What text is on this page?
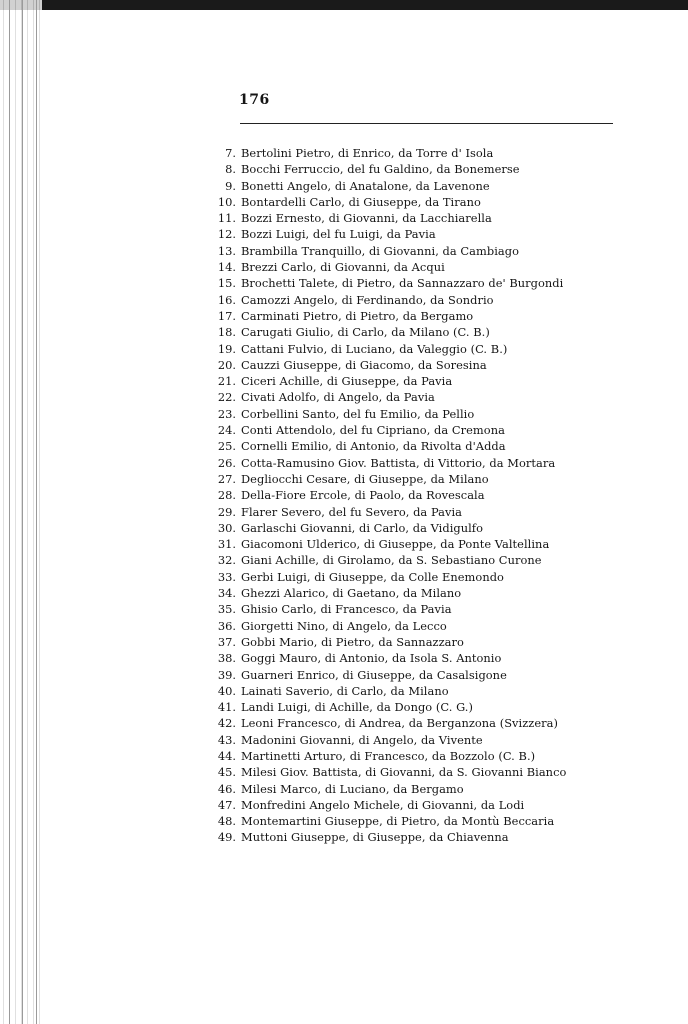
176
7. Bertolini Pietro, di Enrico, da Torre d' Isola
8. Bocchi Ferruccio, del fu Galdino, da Bonemerse
9. Bonetti Angelo, di Anatalone, da Lavenone
10. Bontardelli Carlo, di Giuseppe, da Tirano
11. Bozzi Ernesto, di Giovanni, da Lacchiarella
12. Bozzi Luigi, del fu Luigi, da Pavia
13. Brambilla Tranquillo, di Giovanni, da Cambiago
14. Brezzi Carlo, di Giovanni, da Acqui
15. Brochetti Talete, di Pietro, da Sannazzaro de' Burgondi
16. Camozzi Angelo, di Ferdinando, da Sondrio
17. Carminati Pietro, di Pietro, da Bergamo
18. Carugati Giulio, di Carlo, da Milano (C. B.)
19. Cattani Fulvio, di Luciano, da Valeggio (C. B.)
20. Cauzzi Giuseppe, di Giacomo, da Soresina
21. Ciceri Achille, di Giuseppe, da Pavia
22. Civati Adolfo, di Angelo, da Pavia
23. Corbellini Santo, del fu Emilio, da Pellio
24. Conti Attendolo, del fu Cipriano, da Cremona
25. Cornelli Emilio, di Antonio, da Rivolta d'Adda
26. Cotta-Ramusino Giov. Battista, di Vittorio, da Mortara
27. Degliocchi Cesare, di Giuseppe, da Milano
28. Della-Fiore Ercole, di Paolo, da Rovescala
29. Flarer Severo, del fu Severo, da Pavia
30. Garlaschi Giovanni, di Carlo, da Vidigulfo
31. Giacomoni Ulderico, di Giuseppe, da Ponte Valtellina
32. Giani Achille, di Girolamo, da S. Sebastiano Curone
33. Gerbi Luigi, di Giuseppe, da Colle Enemondo
34. Ghezzi Alarico, di Gaetano, da Milano
35. Ghisio Carlo, di Francesco, da Pavia
36. Giorgetti Nino, di Angelo, da Lecco
37. Gobbi Mario, di Pietro, da Sannazzaro
38. Goggi Mauro, di Antonio, da Isola S. Antonio
39. Guarneri Enrico, di Giuseppe, da Casalsigone
40. Lainati Saverio, di Carlo, da Milano
41. Landi Luigi, di Achille, da Dongo (C. G.)
42. Leoni Francesco, di Andrea, da Berganzona (Svizzera)
43. Madonini Giovanni, di Angelo, da Vivente
44. Martinetti Arturo, di Francesco, da Bozzolo (C. B.)
45. Milesi Giov. Battista, di Giovanni, da S. Giovanni Bianco
46. Milesi Marco, di Luciano, da Bergamo
47. Monfredini Angelo Michele, di Giovanni, da Lodi
48. Montemartini Giuseppe, di Pietro, da Montù Beccaria
49. Muttoni Giuseppe, di Giuseppe, da Chiavenna
